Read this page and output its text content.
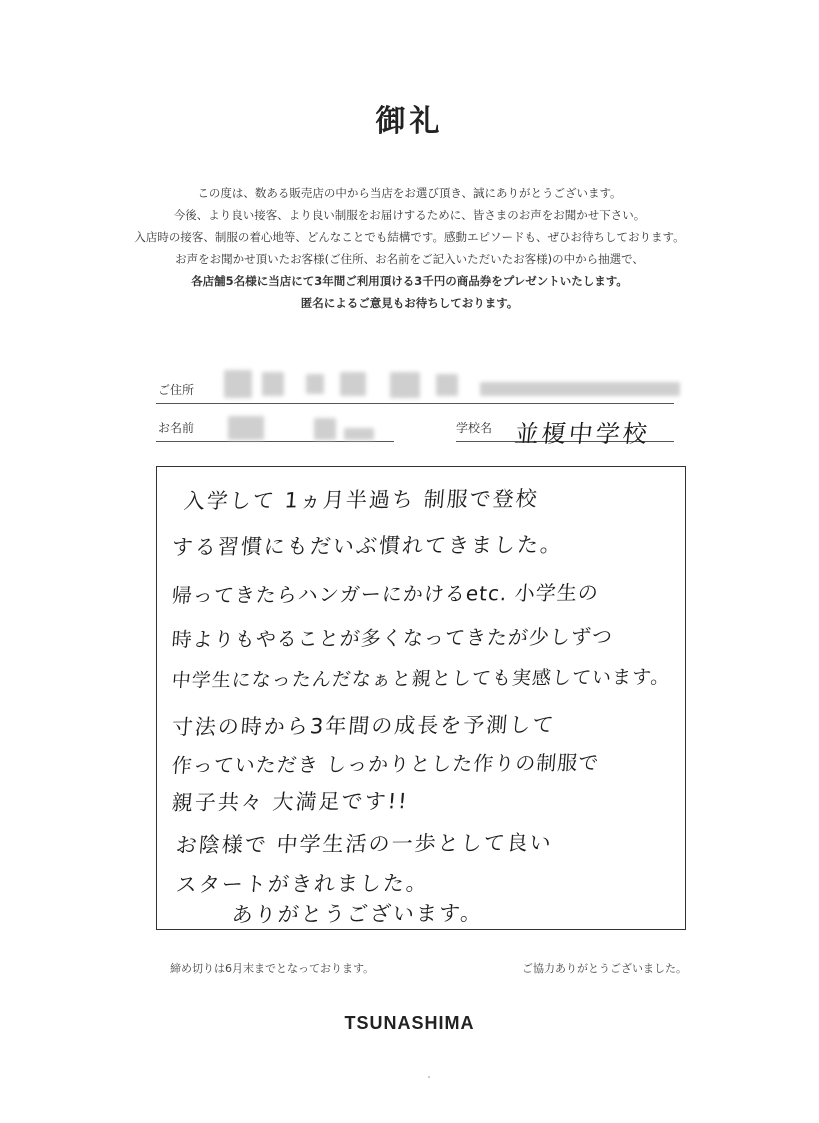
御礼
この度は、数ある販売店の中から当店をお選び頂き、誠にありがとうございます。
今後、より良い接客、より良い制服をお届けするために、皆さまのお声をお聞かせ下さい。
入店時の接客、制服の着心地等、どんなことでも結構です。感動エピソードも、ぜひお待ちしております。
お声をお聞かせ頂いたお客様(ご住所、お名前をご記入いただいたお客様)の中から抽選で、
各店舗5名様に当店にて3年間ご利用頂ける3千円の商品券をプレゼントいたします。
匿名によるご意見もお待ちしております。
ご住所
お名前	学校名 並榎中学校
入学して 1ヵ月半過ち 制服で登校
する習慣にもだいぶ慣れてきました。
帰ってきたらハンガーにかけるetc. 小学生の
時よりもやることが多くなってきたが少しずつ
中学生になったんだなぁと親としても実感しています。
寸法の時から3年間の成長を予測して
作っていただき しっかりとした作りの制服で
親子共々 大満足です!!
お陰様で 中学生活の一歩として良い
スタートがきれました。
ありがとうございます。
締め切りは6月末までとなっております。	ご協力ありがとうございました。
TSUNASHIMA
